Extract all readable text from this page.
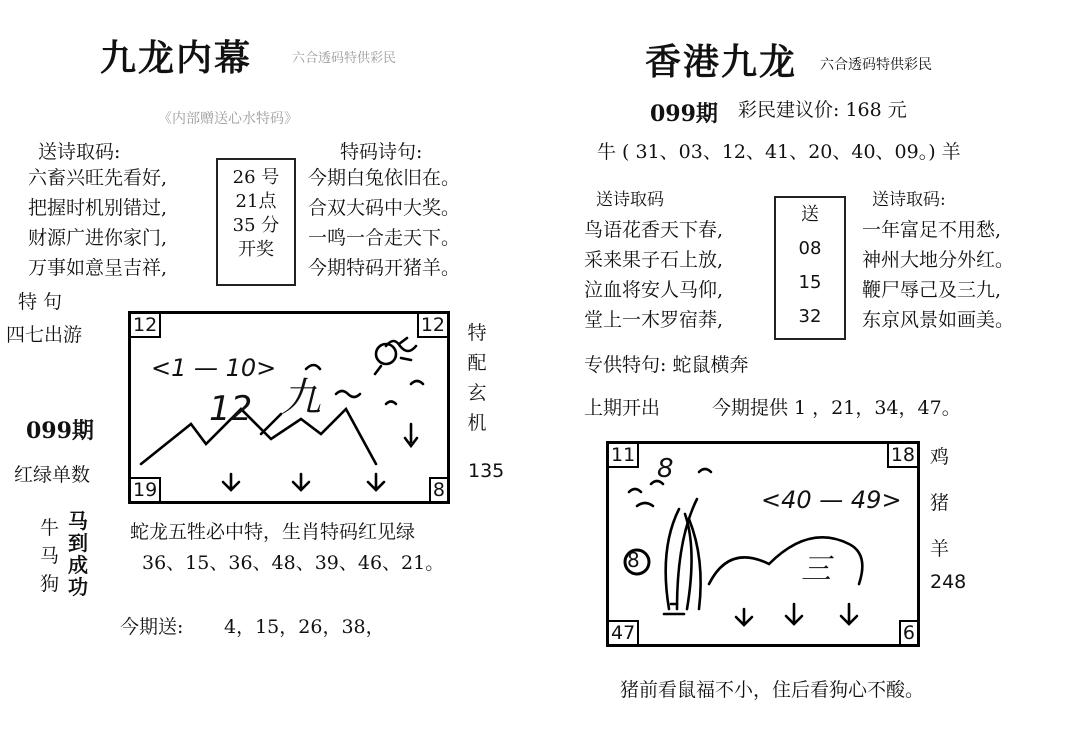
九龙内幕	六合透码特供彩民
《内部赠送心水特码》
送诗取码:	特码诗句:
六畜兴旺先看好,
把握时机别错过,
财源广进你家门,
万事如意呈吉祥,
26 号
21点
35 分
开奖
今期白兔依旧在。
合双大码中大奖。
一鸣一合走天下。
今期特码开猪羊。
特 句
四七出游
099期
红绿单数
12	12
19	8
<1 — 10>
12 九
特
配
玄
机
135
牛
马
狗
马
到
成
功
蛇龙五牲必中特，生肖特码红见绿
36、15、36、48、39、46、21。
今期送: 4，15，26，38，
香港九龙 六合透码特供彩民
099期 彩民建议价: 168 元
牛 ( 31、03、12、41、20、40、09。) 羊
送诗取码	送诗取码:
鸟语花香天下春,
采来果子石上放,
泣血将安人马仰,
堂上一木罗宿莽,
送
08
15
32
一年富足不用愁,
神州大地分外红。
鞭尸辱己及三九,
东京风景如画美。
专供特句: 蛇鼠横奔
上期开出	今期提供 1 ，21，34，47。
11	18
47	6
8
<40 — 49>
8	三
鸡
猪
羊
248
猪前看鼠福不小，住后看狗心不酸。
